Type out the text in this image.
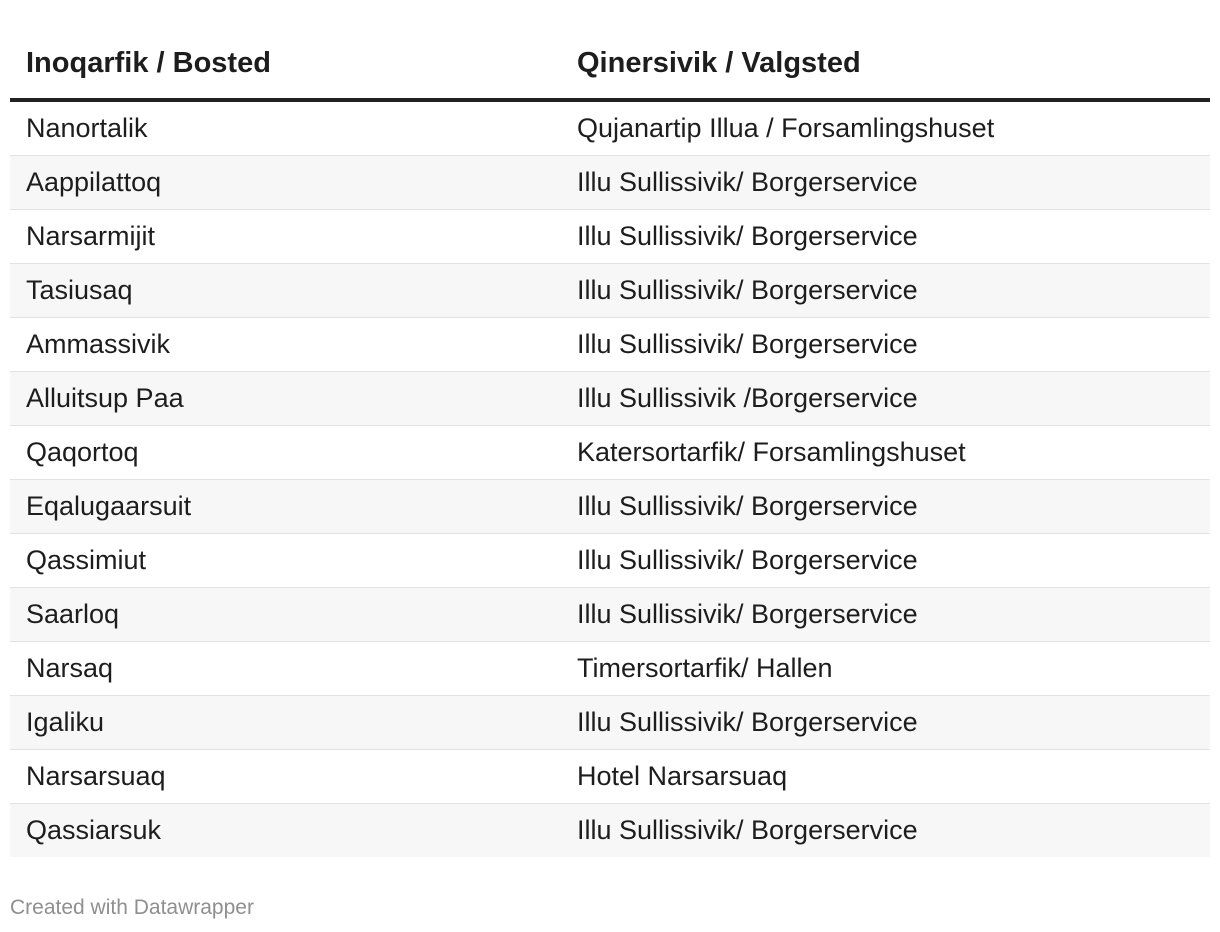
Inoqarfik / Bosted	Qinersivik / Valgsted
Nanortalik	Qujanartip Illua / Forsamlingshuset
Aappilattoq	Illu Sullissivik/ Borgerservice
Narsarmijit	Illu Sullissivik/ Borgerservice
Tasiusaq	Illu Sullissivik/ Borgerservice
Ammassivik	Illu Sullissivik/ Borgerservice
Alluitsup Paa	Illu Sullissivik /Borgerservice
Qaqortoq	Katersortarfik/ Forsamlingshuset
Eqalugaarsuit	Illu Sullissivik/ Borgerservice
Qassimiut	Illu Sullissivik/ Borgerservice
Saarloq	Illu Sullissivik/ Borgerservice
Narsaq	Timersortarfik/ Hallen
Igaliku	Illu Sullissivik/ Borgerservice
Narsarsuaq	Hotel Narsarsuaq
Qassiarsuk	Illu Sullissivik/ Borgerservice
Created with Datawrapper
